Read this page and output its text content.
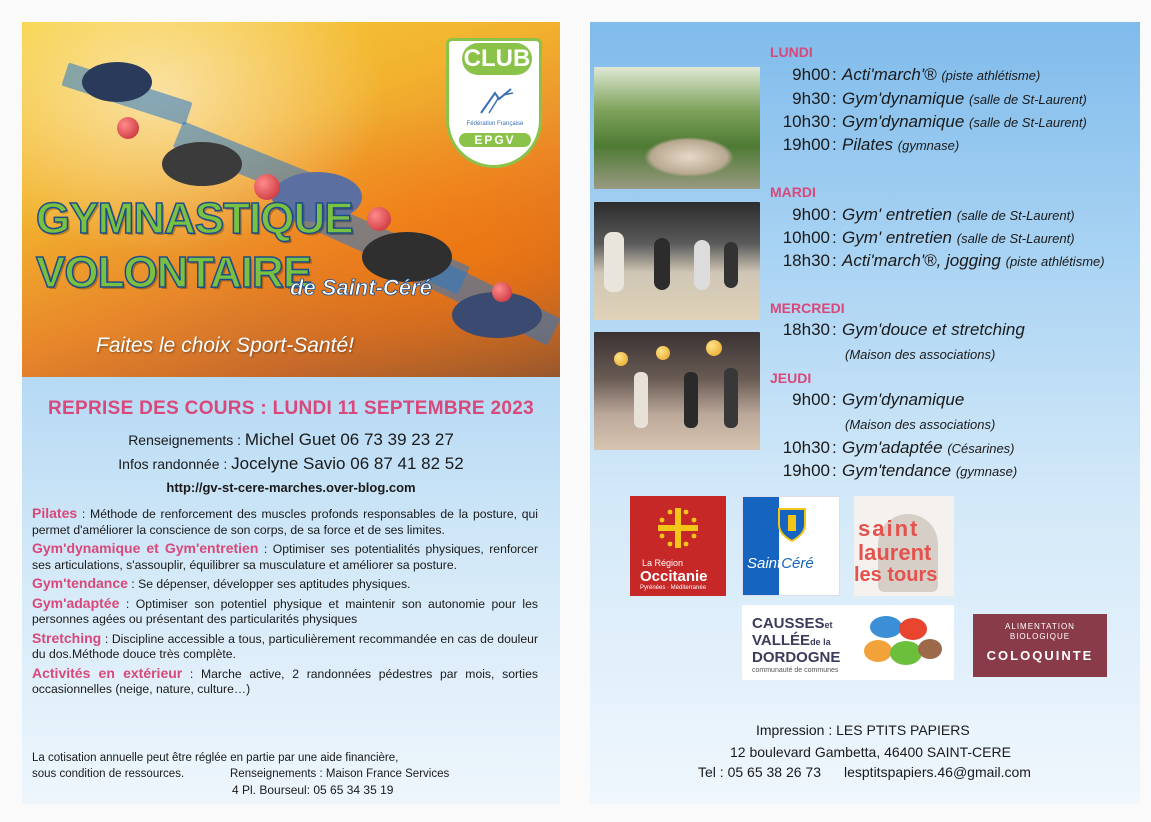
CLUB
Fédération Française
EPGV
GYMNASTIQUE
VOLONTAIRE
de Saint-Céré
Faites le choix Sport-Santé!
REPRISE DES COURS : LUNDI 11 SEPTEMBRE 2023
Renseignements : Michel Guet 06 73 39 23 27
Infos randonnée : Jocelyne Savio 06 87 41 82 52
http://gv-st-cere-marches.over-blog.com

Pilates : Méthode de renforcement des muscles profonds responsables de la posture, qui permet d'améliorer la conscience de son corps, de sa force et de ses limites.

Gym'dynamique et Gym'entretien : Optimiser ses potentialités physiques, renforcer ses articulations, s'assouplir, équilibrer sa musculature et améliorer sa posture.

Gym'tendance : Se dépenser, développer ses aptitudes physiques.

Gym'adaptée : Optimiser son potentiel physique et maintenir son autonomie pour les personnes agées ou présentant des particularités physiques

Stretching : Discipline accessible a tous, particulièrement recommandée en cas de douleur du dos.Méthode douce très complète.

Activités en extérieur : Marche active, 2 randonnées pédestres par mois, sorties occasionnelles (neige, nature, culture…)

La cotisation annuelle peut être réglée en partie par une aide financière,
sous condition de ressources.	Renseignements : Maison France Services
4 Pl. Bourseul: 05 65 34 35 19
LUNDI
9h00 : Acti'march'® (piste athlétisme)
9h30 : Gym'dynamique (salle de St-Laurent)
10h30 : Gym'dynamique (salle de St-Laurent)
19h00 : Pilates (gymnase)
MARDI
9h00 : Gym' entretien (salle de St-Laurent)
10h00 : Gym' entretien (salle de St-Laurent)
18h30 : Acti'march'®, jogging (piste athlétisme)
MERCREDI
18h30 : Gym'douce et stretching
(Maison des associations)
JEUDI
9h00 : Gym'dynamique
(Maison des associations)
10h30 : Gym'adaptée (Césarines)
19h00 : Gym'tendance (gymnase)
La Région
Occitanie
Pyrénées · Méditerranée
SaintCéré
saint
laurent
les tours
CAUSSESet
VALLÉEde la
DORDOGNE
communauté de communes
ALIMENTATION
BIOLOGIQUE
COLOQUINTE
Impression : LES PTITS PAPIERS
12 boulevard Gambetta, 46400 SAINT-CERE
Tel : 05 65 38 26 73 lesptitspapiers.46@gmail.com
